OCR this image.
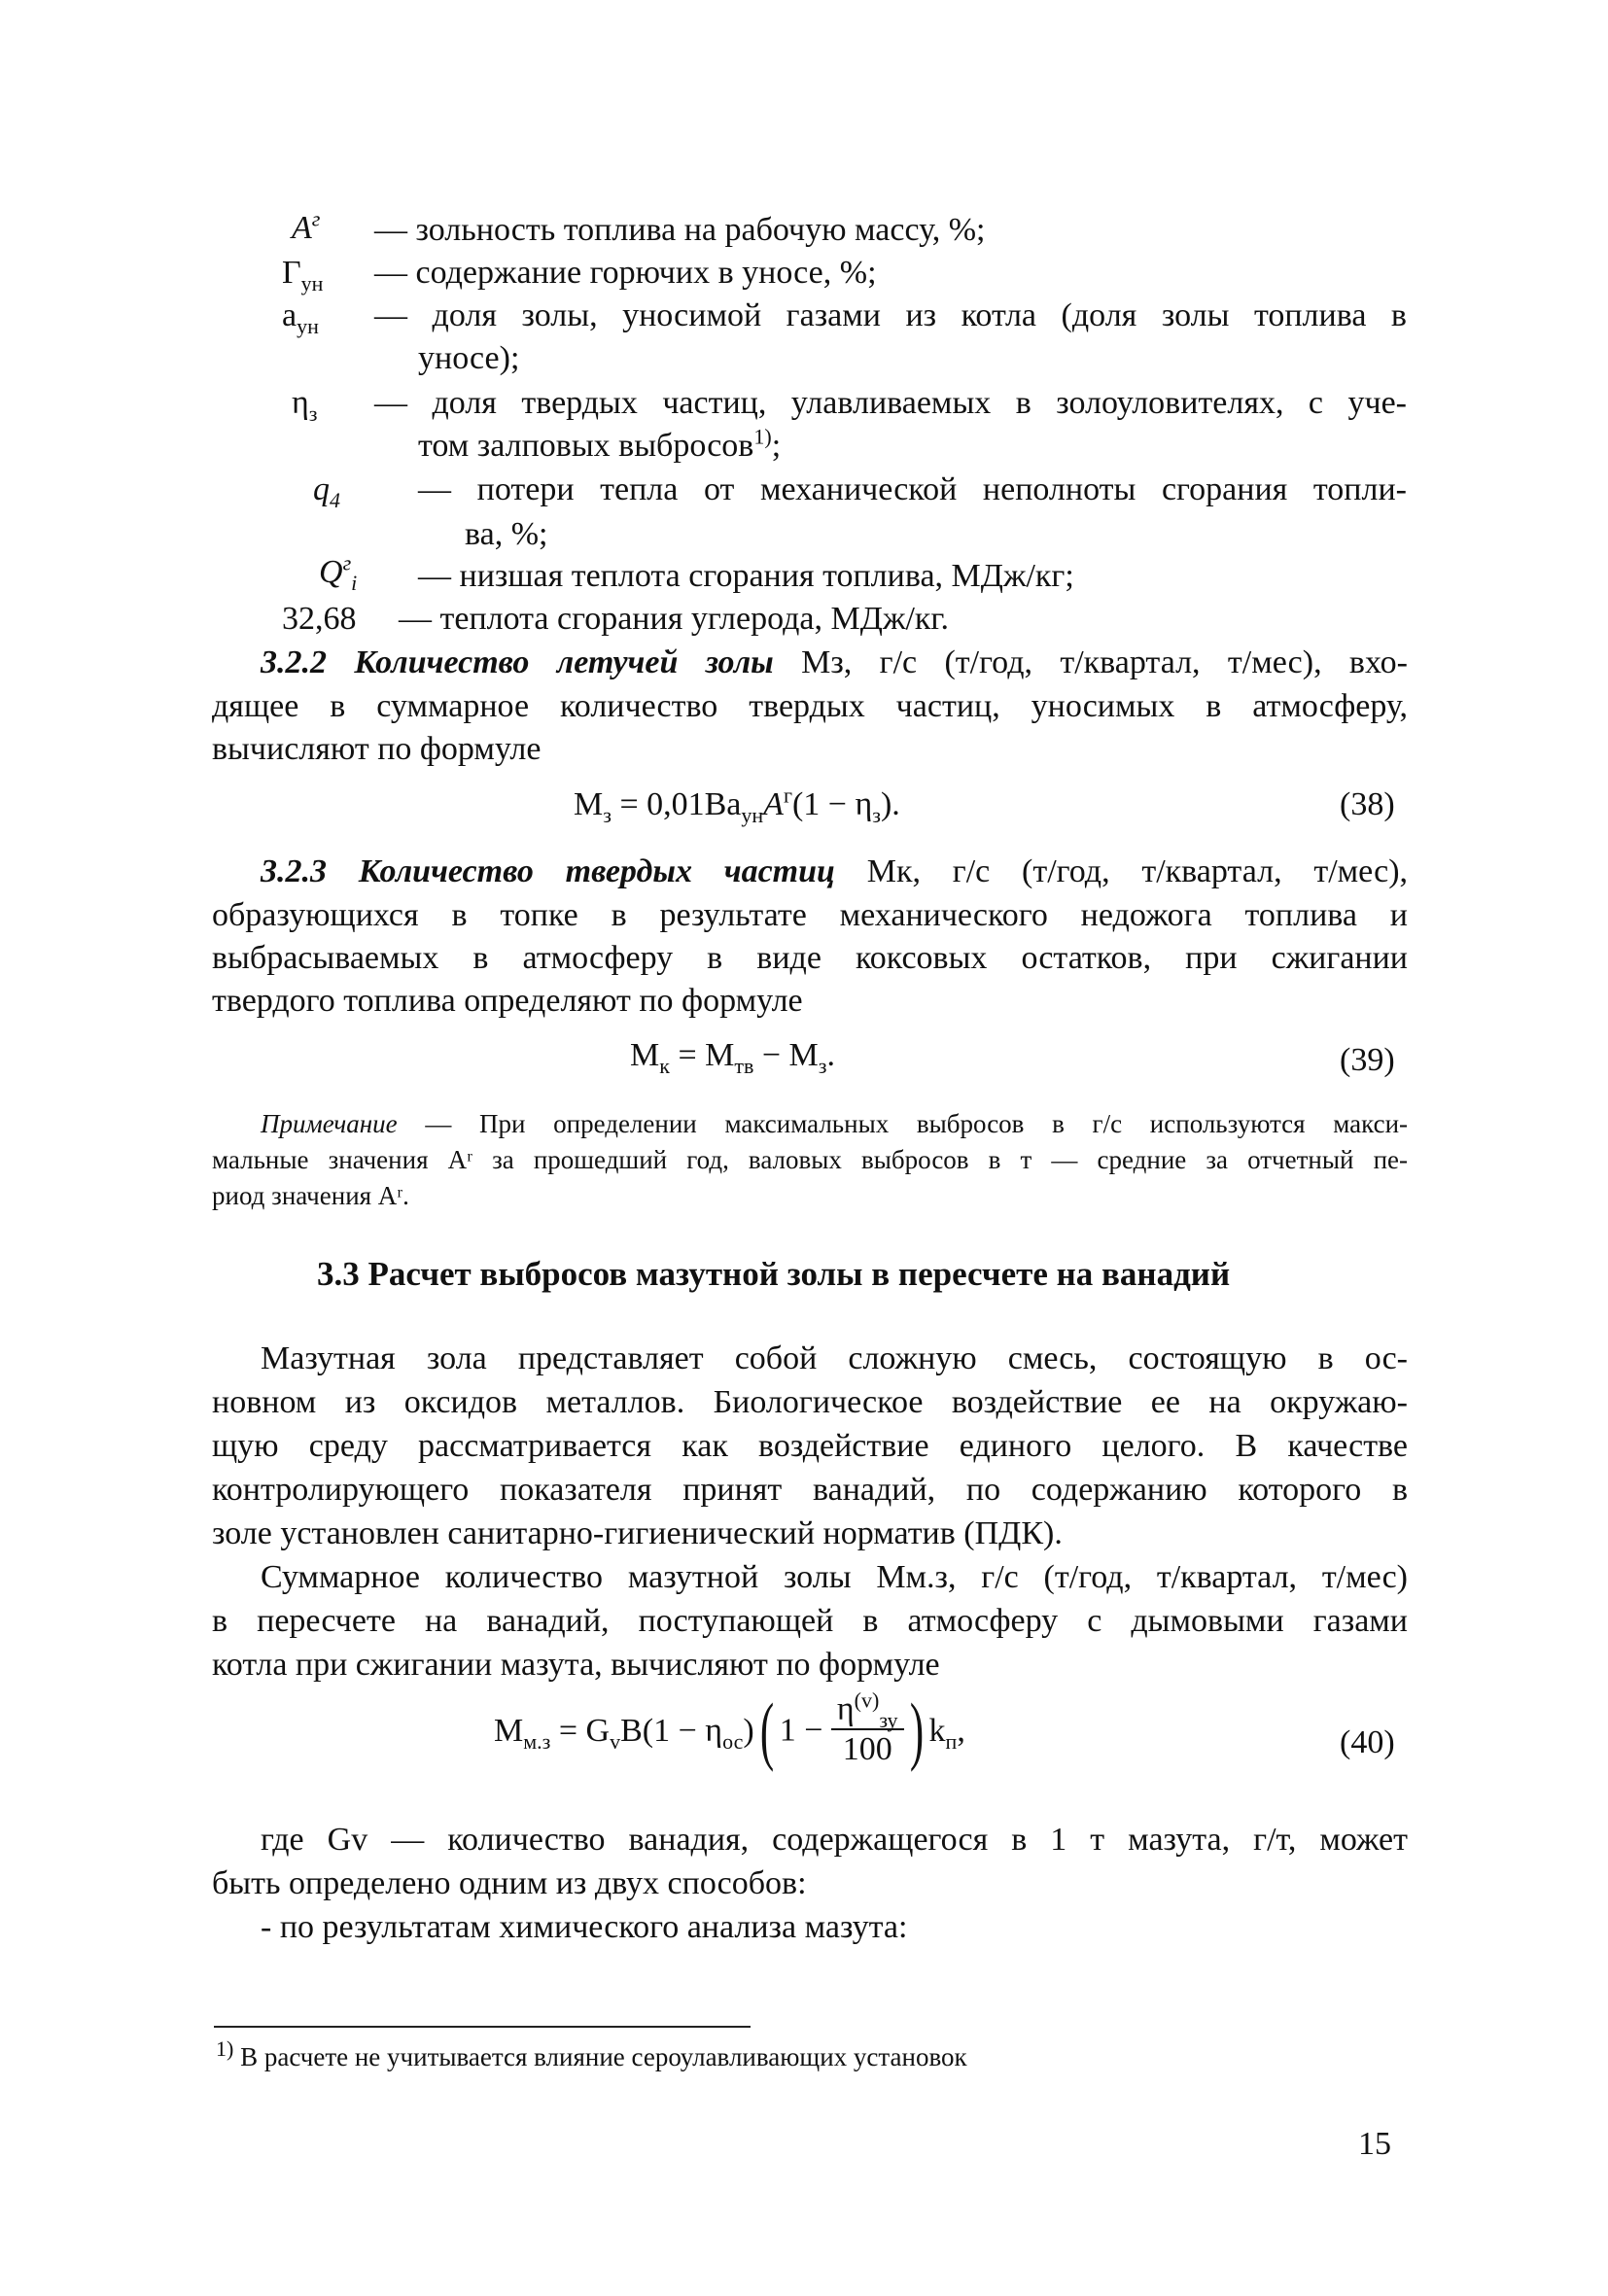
$A^г$ — зольность топлива на рабочую массу, %;
$Г_{ун}$ — содержание горючих в уносе, %;
$a_{ун}$ — доля золы, уносимой газами из котла (доля золы топлива в
уносе);
$\eta_з$ — доля твердых частиц, улавливаемых в золоуловителях, с уче-
том залповых выбросов$^{1)}$;
$q_4$ — потери тепла от механической неполноты сгорания топли-
ва, %;
$Q^г_i$ — низшая теплота сгорания топлива, МДж/кг;
32,68 — теплота сгорания углерода, МДж/кг.
3.2.2 Количество летучей золы Мз, г/с (т/год, т/квартал, т/мес), вхо-
дящее в суммарное количество твердых частиц, уносимых в атмосферу,
вычисляют по формуле
$М_з = 0,01Ва_{ун}A^г(1 - \eta_з)$.	(38)
3.2.3 Количество твердых частиц Мк, г/с (т/год, т/квартал, т/мес),
образующихся в топке в результате механического недожога топлива и
выбрасываемых в атмосферу в виде коксовых остатков, при сжигании
твердого топлива определяют по формуле
$М_к = М_{тв} - М_з$.	(39)
Примечание — При определении максимальных выбросов в г/с используются макси-
мальные значения Aʳ за прошедший год, валовых выбросов в т — средние за отчетный пе-
риод значения Aʳ.
3.3 Расчет выбросов мазутной золы в пересчете на ванадий
Мазутная зола представляет собой сложную смесь, состоящую в ос-
новном из оксидов металлов. Биологическое воздействие ее на окружаю-
щую среду рассматривается как воздействие единого целого. В качестве
контролирующего показателя принят ванадий, по содержанию которого в
золе установлен санитарно-гигиенический норматив (ПДК).
Суммарное количество мазутной золы Мм.з, г/с (т/год, т/квартал, т/мес)
в пересчете на ванадий, поступающей в атмосферу с дымовыми газами
котла при сжигании мазута, вычисляют по формуле
$М_{м.з} = G_vB(1 - \eta_{ос})$( $1 - \frac{\eta^{(v)}_{зу}}{100}$ ) $k_п$,	(40)
где Gv — количество ванадия, содержащегося в 1 т мазута, г/т, может
быть определено одним из двух способов:
- по результатам химического анализа мазута:
$^{1)}$ В расчете не учитывается влияние сероулавливающих установок
15
